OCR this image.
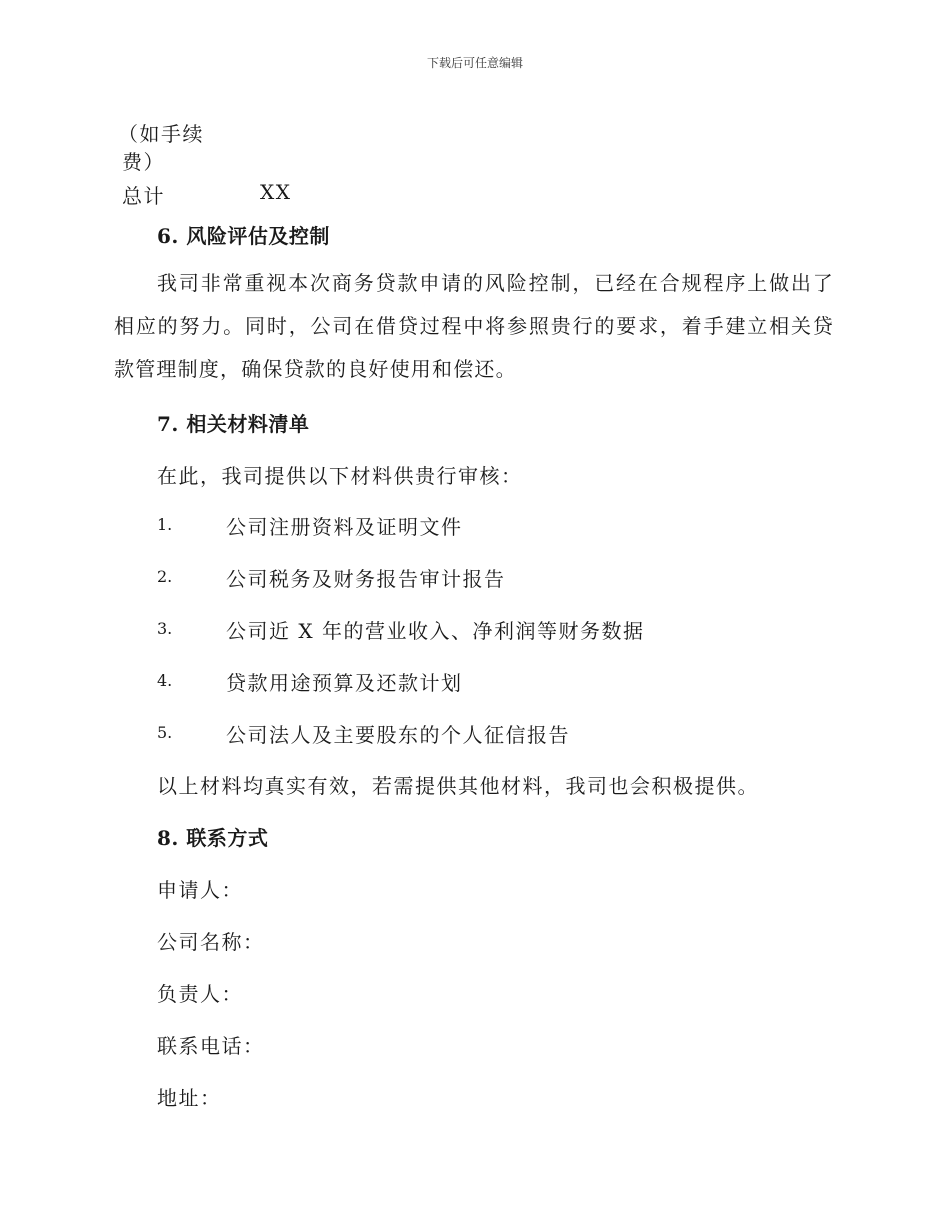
下载后可任意编辑
（如手续
费）
总计	XX
6. 风险评估及控制
我司非常重视本次商务贷款申请的风险控制，已经在合规程序上做出了相应的努力。同时，公司在借贷过程中将参照贵行的要求，着手建立相关贷款管理制度，确保贷款的良好使用和偿还。
7. 相关材料清单
在此，我司提供以下材料供贵行审核：
1.	公司注册资料及证明文件
2.	公司税务及财务报告审计报告
3.	公司近 X 年的营业收入、净利润等财务数据
4.	贷款用途预算及还款计划
5.	公司法人及主要股东的个人征信报告
以上材料均真实有效，若需提供其他材料，我司也会积极提供。
8. 联系方式
申请人：
公司名称：
负责人：
联系电话：
地址：
